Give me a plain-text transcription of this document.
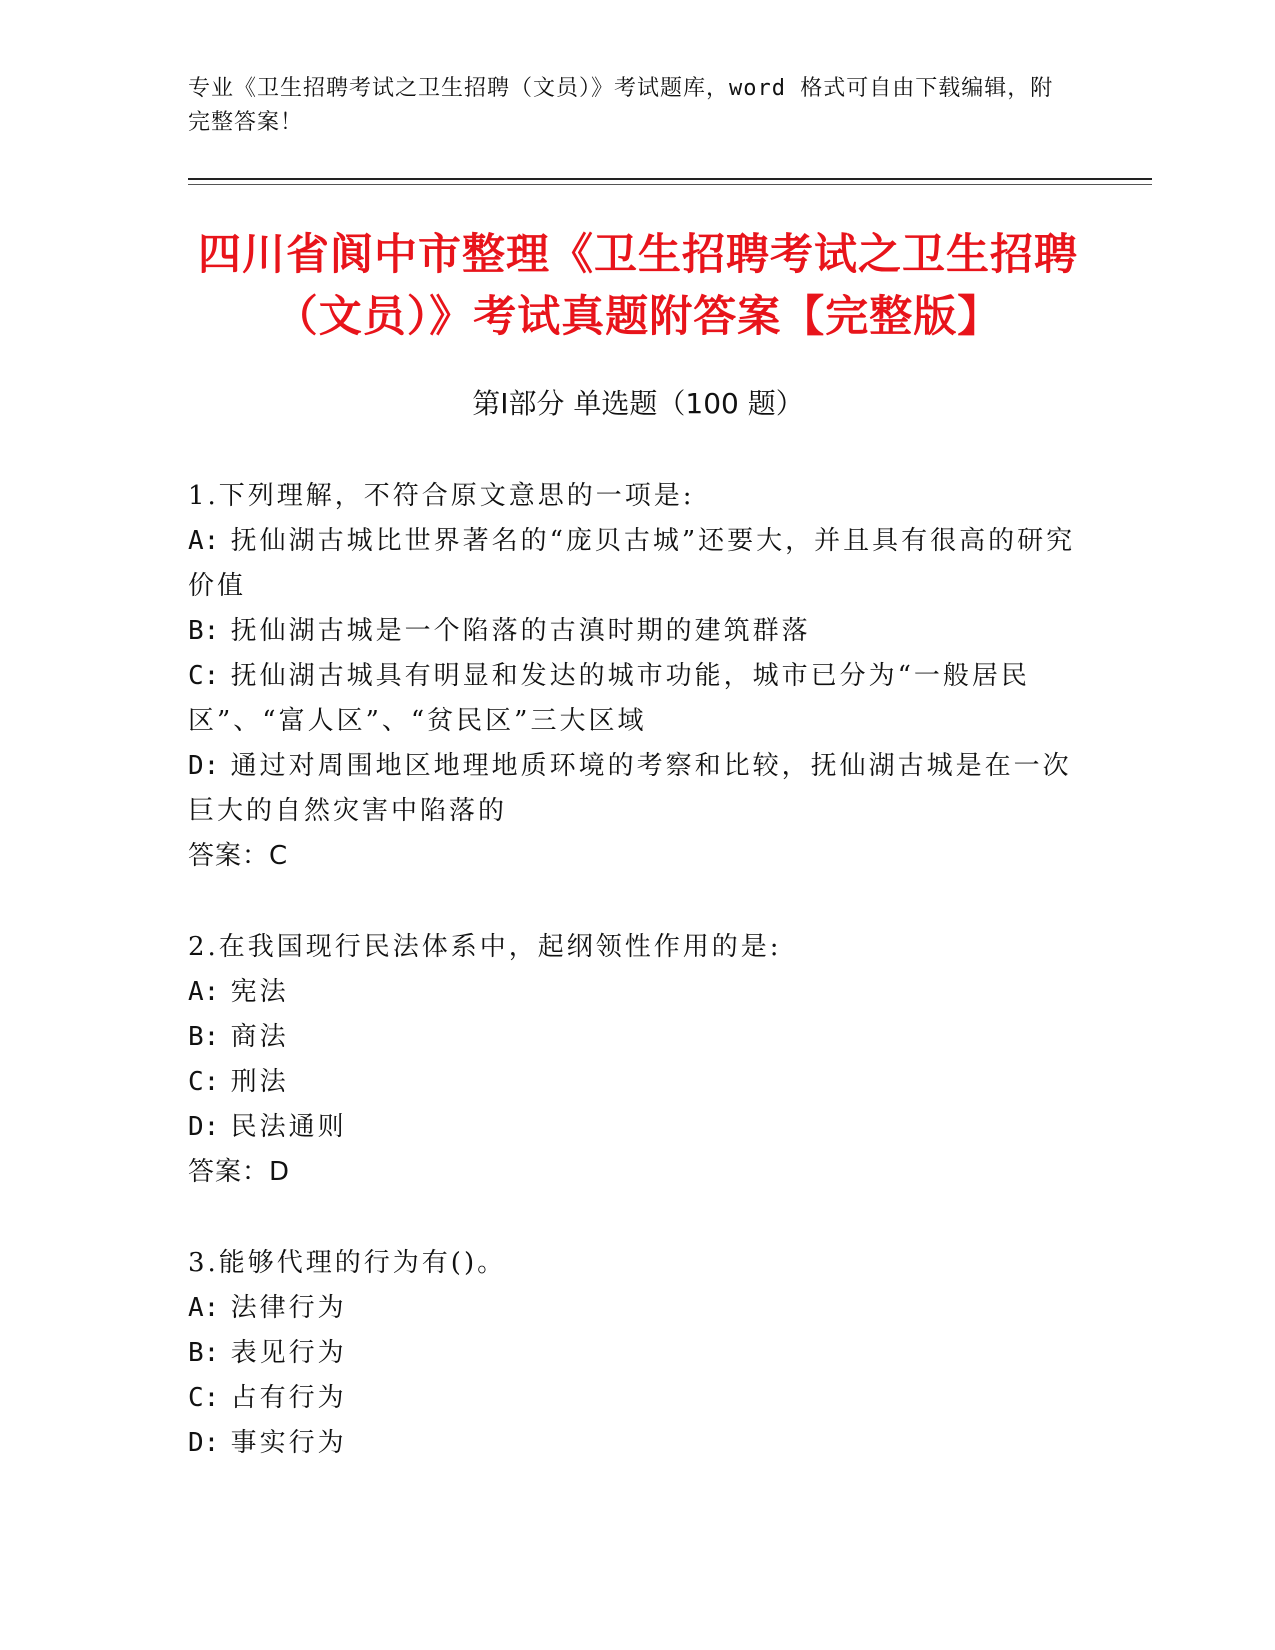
专业《卫生招聘考试之卫生招聘（文员）》考试题库，word 格式可自由下载编辑，附完整答案！
四川省阆中市整理《卫生招聘考试之卫生招聘（文员）》考试真题附答案【完整版】
第Ⅰ部分 单选题（100 题）

1.下列理解，不符合原文意思的一项是:

A: 抚仙湖古城比世界著名的“庞贝古城”还要大，并且具有很高的研究价值

B: 抚仙湖古城是一个陷落的古滇时期的建筑群落

C: 抚仙湖古城具有明显和发达的城市功能，城市已分为“一般居民区”、“富人区”、“贫民区”三大区域

D: 通过对周围地区地理地质环境的考察和比较，抚仙湖古城是在一次巨大的自然灾害中陷落的

答案：C

2.在我国现行民法体系中，起纲领性作用的是:

A: 宪法

B: 商法

C: 刑法

D: 民法通则

答案：D

3.能够代理的行为有()。

A: 法律行为

B: 表见行为

C: 占有行为

D: 事实行为
